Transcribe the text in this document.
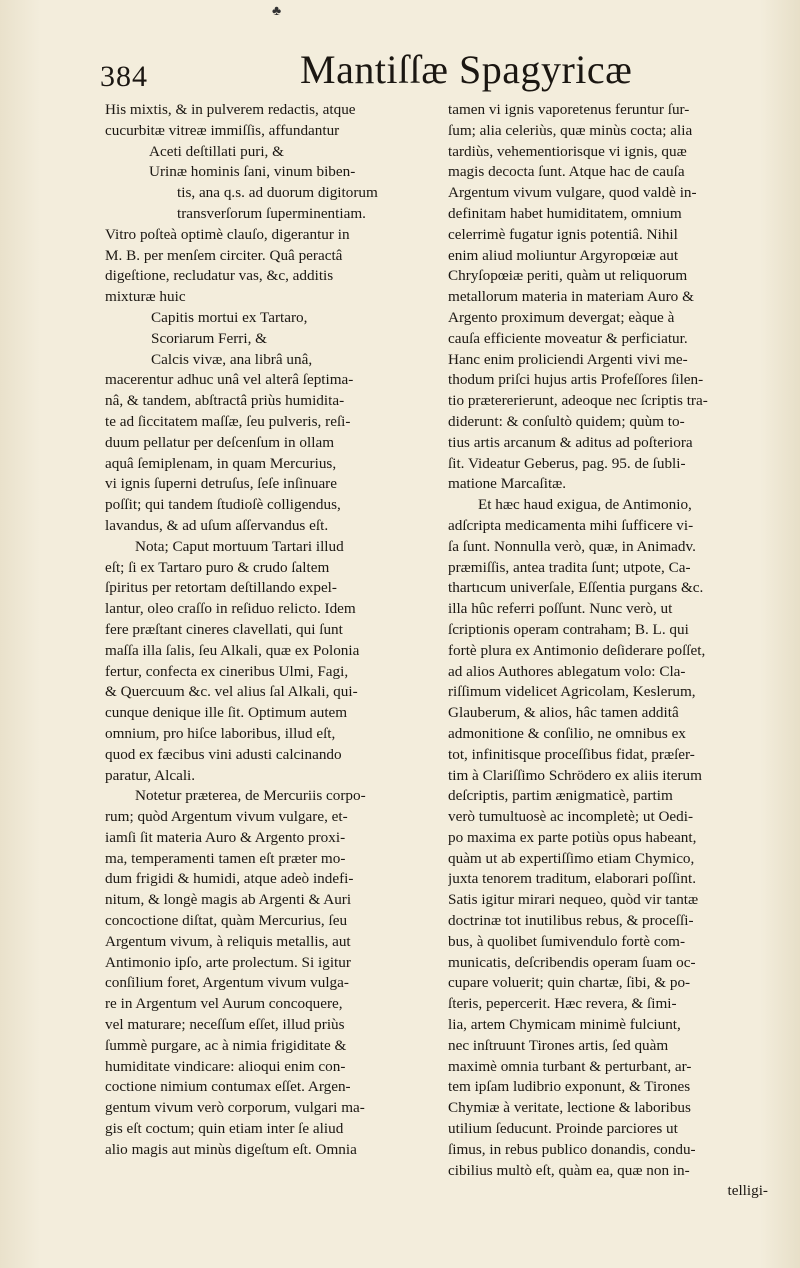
♣
384	Mantiſſæ Spagyricæ
His mixtis, & in pulverem redactis, atque
cucurbitæ vitreæ immiſſis, affundantur
Aceti deſtillati puri, &
Urinæ hominis ſani, vinum biben-
tis, ana q.s. ad duorum digitorum
transverſorum ſuperminentiam.
Vitro poſteà optimè clauſo, digerantur in
M. B. per menſem circiter. Quâ peractâ
digeſtione, recludatur vas, &c, additis
mixturæ huic
Capitis mortui ex Tartaro,
Scoriarum Ferri, &
Calcis vivæ, ana librâ unâ,
macerentur adhuc unâ vel alterâ ſeptima-
nâ, & tandem, abſtractâ priùs humidita-
te ad ſiccitatem maſſæ, ſeu pulveris, reſi-
duum pellatur per deſcenſum in ollam
aquâ ſemiplenam, in quam Mercurius,
vi ignis ſuperni detruſus, ſeſe inſinuare
poſſit; qui tandem ſtudioſè colligendus,
lavandus, & ad uſum aſſervandus eſt.
Nota; Caput mortuum Tartari illud
eſt; ſi ex Tartaro puro & crudo ſaltem
ſpiritus per retortam deſtillando expel-
lantur, oleo craſſo in reſiduo relicto. Idem
fere præſtant cineres clavellati, qui ſunt
maſſa illa ſalis, ſeu Alkali, quæ ex Polonia
fertur, confecta ex cineribus Ulmi, Fagi,
& Quercuum &c. vel alius ſal Alkali, qui-
cunque denique ille ſit. Optimum autem
omnium, pro hiſce laboribus, illud eſt,
quod ex fæcibus vini adusti calcinando
paratur, Alcali.
Notetur præterea, de Mercuriis corpo-
rum; quòd Argentum vivum vulgare, et-
iamſi ſit materia Auro & Argento proxi-
ma, temperamenti tamen eſt præter mo-
dum frigidi & humidi, atque adeò indefi-
nitum, & longè magis ab Argenti & Auri
concoctione diſtat, quàm Mercurius, ſeu
Argentum vivum, à reliquis metallis, aut
Antimonio ipſo, arte prolectum. Si igitur
conſilium foret, Argentum vivum vulga-
re in Argentum vel Aurum concoquere,
vel maturare; neceſſum eſſet, illud priùs
ſummè purgare, ac à nimia frigiditate &
humiditate vindicare: alioqui enim con-
coctione nimium contumax eſſet. Argen-
gentum vivum verò corporum, vulgari ma-
gis eſt coctum; quin etiam inter ſe aliud
alio magis aut minùs digeſtum eſt. Omnia
tamen vi ignis vaporetenus feruntur ſur-
ſum; alia celeriùs, quæ minùs cocta; alia
tardiùs, vehementiorisque vi ignis, quæ
magis decocta ſunt. Atque hac de cauſa
Argentum vivum vulgare, quod valdè in-
definitam habet humiditatem, omnium
celerrimè fugatur ignis potentiâ. Nihil
enim aliud moliuntur Argyropœiæ aut
Chryſopœiæ periti, quàm ut reliquorum
metallorum materia in materiam Auro &
Argento proximum devergat; eàque à
cauſa efficiente moveatur & perficiatur.
Hanc enim proliciendi Argenti vivi me-
thodum priſci hujus artis Profeſſores ſilen-
tio prætererierunt, adeoque nec ſcriptis tra-
diderunt: & conſultò quidem; quùm to-
tius artis arcanum & aditus ad poſteriora
ſit. Videatur Geberus, pag. 95. de ſubli-
matione Marcaſitæ.
Et hæc haud exigua, de Antimonio,
adſcripta medicamenta mihi ſufficere vi-
ſa ſunt. Nonnulla verò, quæ, in Animadv.
præmiſſis, antea tradita ſunt; utpote, Ca-
thartıcum univerſale, Eſſentia purgans &c.
illa hûc referri poſſunt. Nunc verò, ut
ſcriptionis operam contraham; B. L. qui
fortè plura ex Antimonio deſiderare poſſet,
ad alios Authores ablegatum volo: Cla-
riſſimum videlicet Agricolam, Keslerum,
Glauberum, & alios, hâc tamen additâ
admonitione & conſilio, ne omnibus ex
tot, infinitisque proceſſibus fidat, præſer-
tim à Clariſſimo Schrödero ex aliis iterum
deſcriptis, partim ænigmaticè, partim
verò tumultuosè ac incompletè; ut Oedi-
po maxima ex parte potiùs opus habeant,
quàm ut ab expertiſſimo etiam Chymico,
juxta tenorem traditum, elaborari poſſint.
Satis igitur mirari nequeo, quòd vir tantæ
doctrinæ tot inutilibus rebus, & proceſſi-
bus, à quolibet ſumivendulo fortè com-
municatis, deſcribendis operam ſuam oc-
cupare voluerit; quin chartæ, ſibi, & po-
ſteris, pepercerit. Hæc revera, & ſimi-
lia, artem Chymicam minimè fulciunt,
nec inſtruunt Tirones artis, ſed quàm
maximè omnia turbant & perturbant, ar-
tem ipſam ludibrio exponunt, & Tirones
Chymiæ à veritate, lectione & laboribus
utilium ſeducunt. Proinde parciores ut
ſimus, in rebus publico donandis, condu-
cibilius multò eſt, quàm ea, quæ non in-
telligi-
